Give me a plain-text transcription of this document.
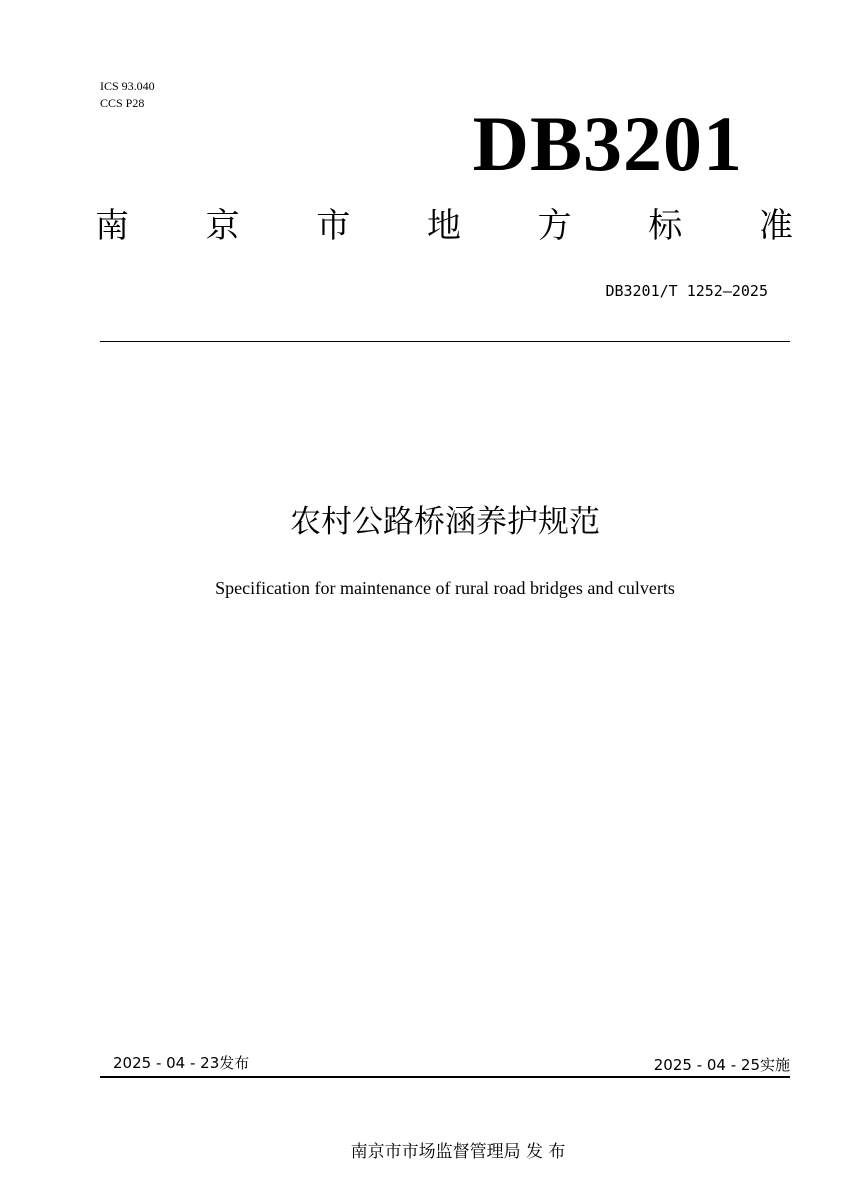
ICS 93.040
CCS P28	DB3201
南 京 市 地 方 标 准
DB3201/T 1252—2025
农村公路桥涵养护规范
Specification for maintenance of rural road bridges and culverts
2025 - 04 - 23发布	2025 - 04 - 25实施
南京市市场监督管理局 发 布
